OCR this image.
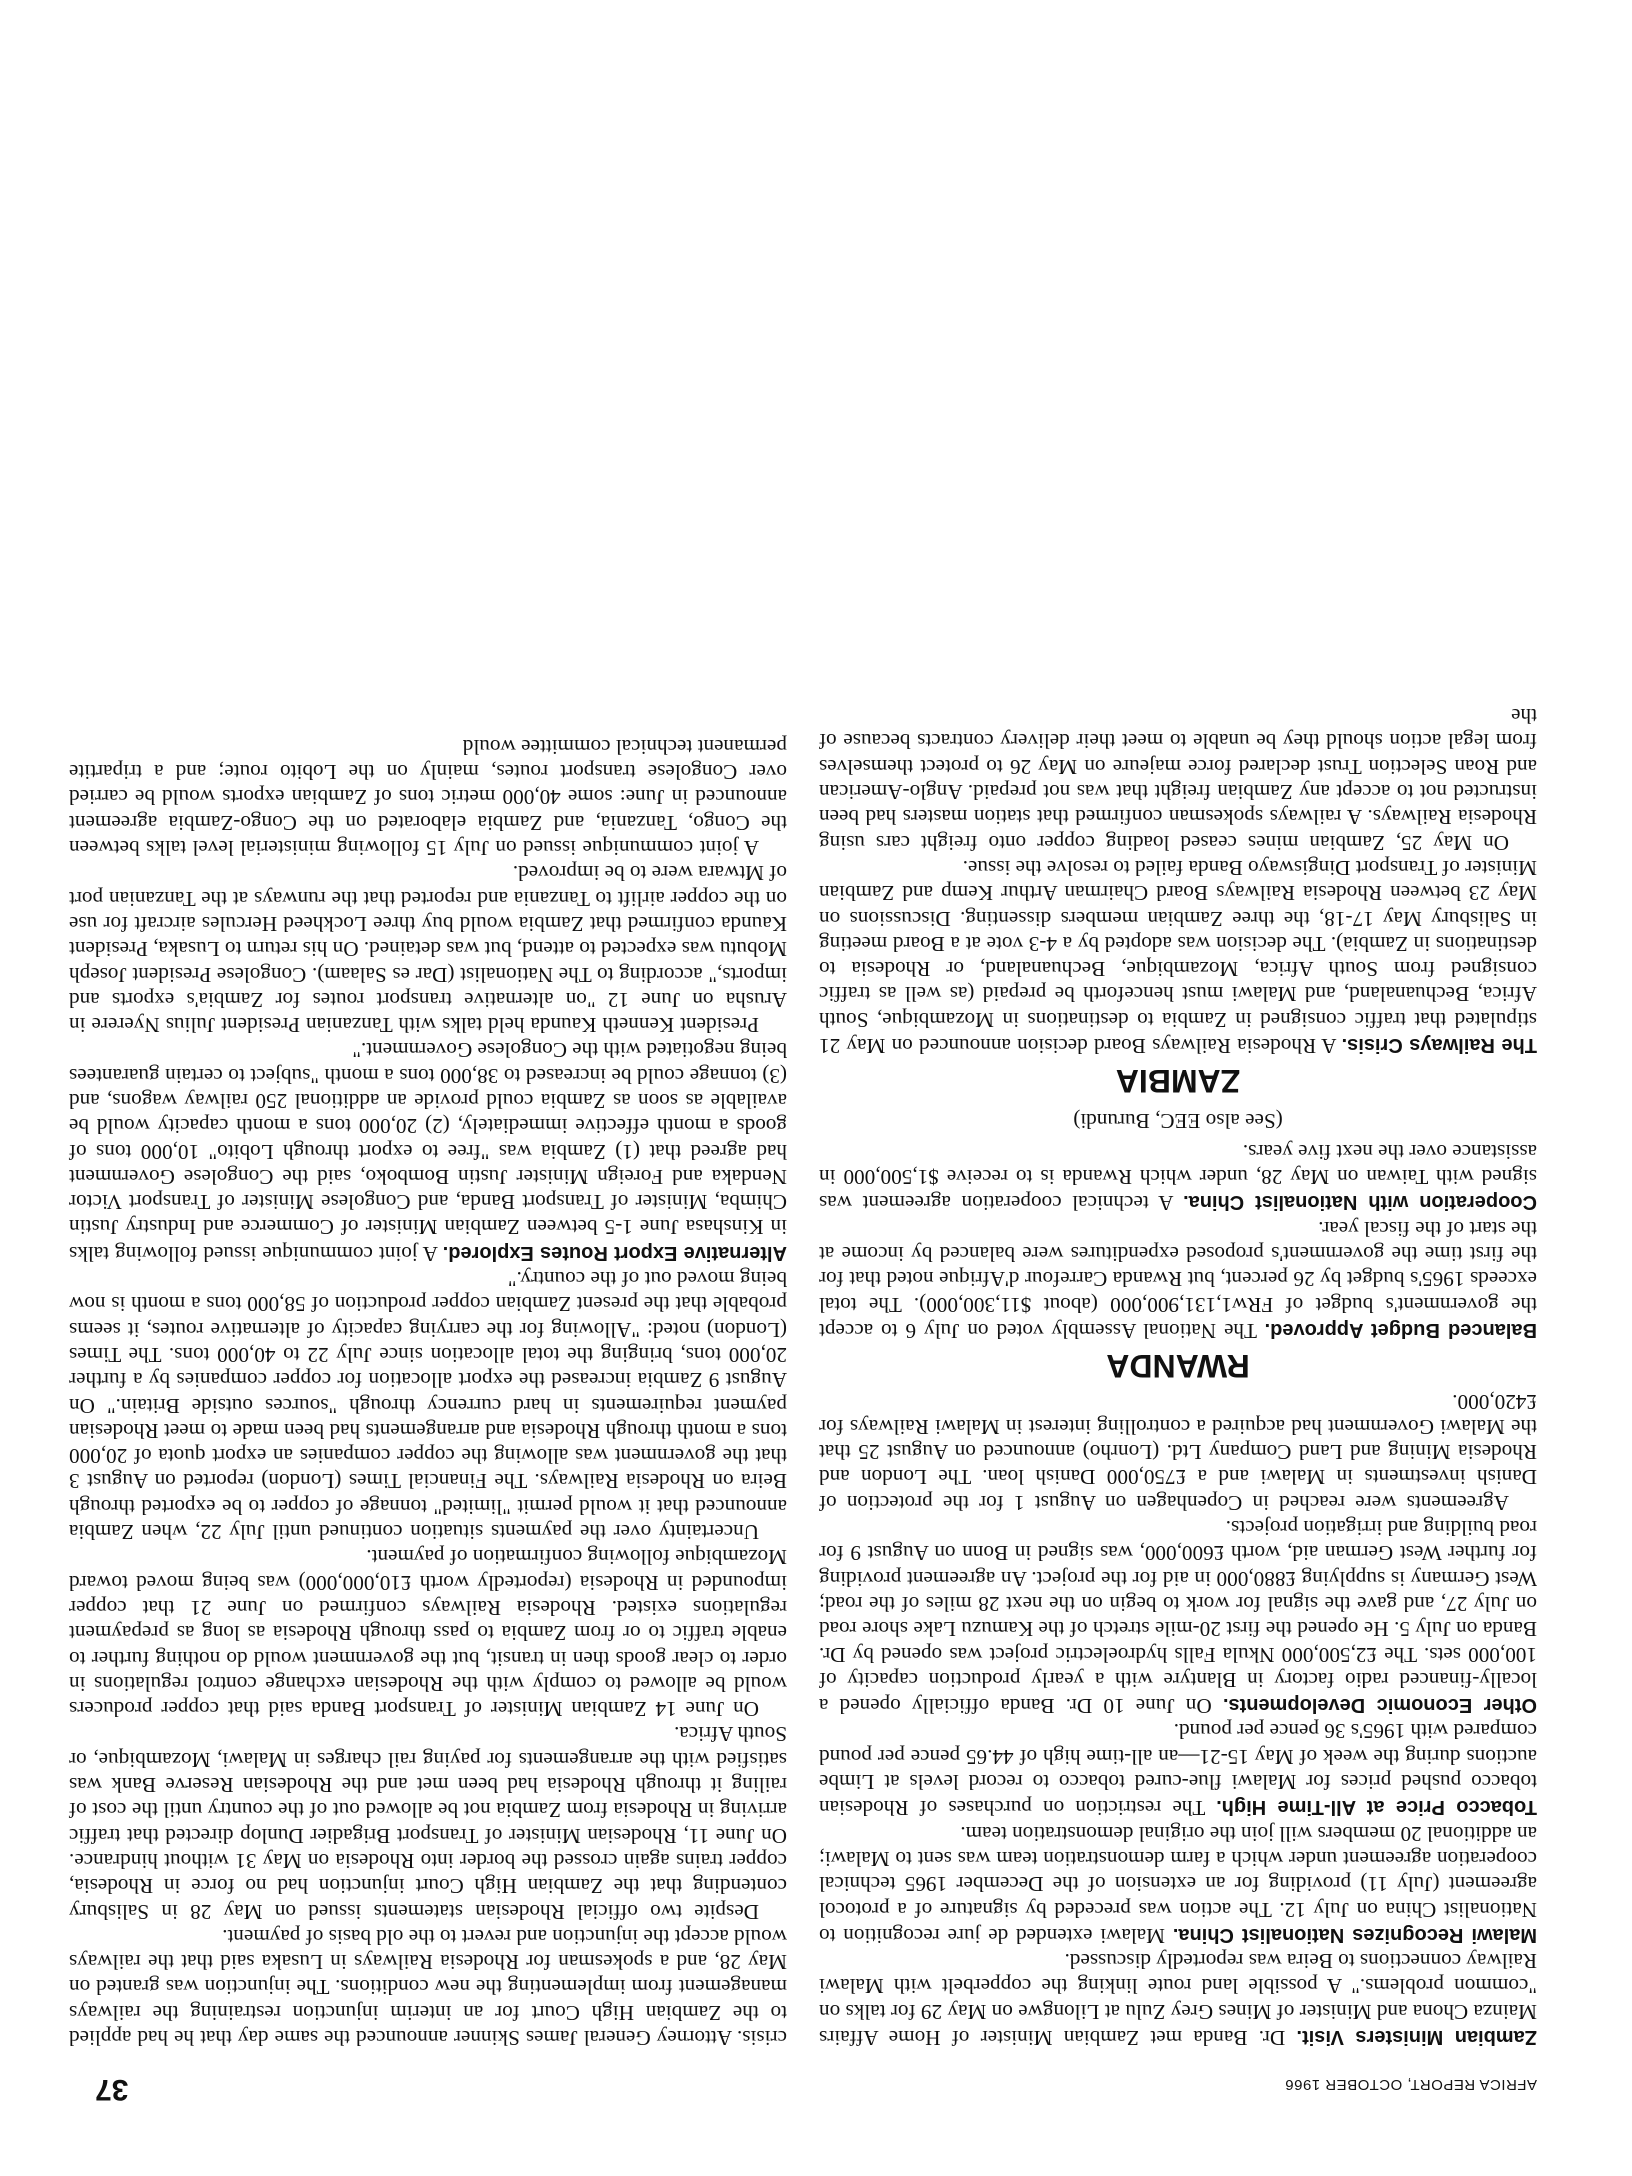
AFRICA REPORT, OCTOBER 1966
37

Zambian Ministers Visit. Dr. Banda met Zambian Minister of Home Affairs Mainza Chona and Minister of Mines Grey Zulu at Lilongwe on May 29 for talks on "common problems." A possible land route linking the copperbelt with Malawi Railway connections to Beira was reportedly discussed.

Malawi Recognizes Nationalist China. Malawi extended de jure recognition to Nationalist China on July 12. The action was preceded by signature of a protocol agreement (July 11) providing for an extension of the December 1965 technical cooperation agreement under which a farm demonstration team was sent to Malawi; an additional 20 members will join the original demonstration team.

Tobacco Price at All-Time High. The restriction on purchases of Rhodesian tobacco pushed prices for Malawi flue-cured tobacco to record levels at Limbe auctions during the week of May 15-21—an all-time high of 44.65 pence per pound compared with 1965's 36 pence per pound.

Other Economic Developments. On June 10 Dr. Banda officially opened a locally-financed radio factory in Blantyre with a yearly production capacity of 100,000 sets. The £2,500,000 Nkula Falls hydroelectric project was opened by Dr. Banda on July 5. He opened the first 20-mile stretch of the Kamuzu Lake shore road on July 27, and gave the signal for work to begin on the next 28 miles of the road; West Germany is supplying £880,000 in aid for the project. An agreement providing for further West German aid, worth £600,000, was signed in Bonn on August 9 for road building and irrigation projects.

Agreements were reached in Copenhagen on August 1 for the protection of Danish investments in Malawi and a £750,000 Danish loan. The London and Rhodesia Mining and Land Company Ltd. (Lonrho) announced on August 25 that the Malawi Government had acquired a controlling interest in Malawi Railways for £420,000.

RWANDA

Balanced Budget Approved. The National Assembly voted on July 6 to accept the government's budget of FRw1,131,900,000 (about $11,300,000). The total exceeds 1965's budget by 26 percent, but Rwanda Carrefour d'Afrique noted that for the first time the government's proposed expenditures were balanced by income at the start of the fiscal year.

Cooperation with Nationalist China. A technical cooperation agreement was signed with Taiwan on May 28, under which Rwanda is to receive $1,500,000 in assistance over the next five years.

(See also EEC, Burundi)
ZAMBIA

The Railways Crisis. A Rhodesia Railways Board decision announced on May 21 stipulated that traffic consigned in Zambia to destinations in Mozambique, South Africa, Bechuanaland, and Malawi must henceforth be prepaid (as well as traffic consigned from South Africa, Mozambique, Bechuanaland, or Rhodesia to destinations in Zambia). The decision was adopted by a 4-3 vote at a Board meeting in Salisbury May 17-18, the three Zambian members dissenting. Discussions on May 23 between Rhodesia Railways Board Chairman Arthur Kemp and Zambian Minister of Transport Dingiswayo Banda failed to resolve the issue.

On May 25, Zambian mines ceased loading copper onto freight cars using Rhodesia Railways. A railways spokesman confirmed that station masters had been instructed not to accept any Zambian freight that was not prepaid. Anglo-American and Roan Selection Trust declared force majeure on May 26 to protect themselves from legal action should they be unable to meet their delivery contracts because of the

crisis. Attorney General James Skinner announced the same day that he had applied to the Zambian High Court for an interim injunction restraining the railways management from implementing the new conditions. The injunction was granted on May 28, and a spokesman for Rhodesia Railways in Lusaka said that the railways would accept the injunction and revert to the old basis of payment.

Despite two official Rhodesian statements issued on May 28 in Salisbury contending that the Zambian High Court injunction had no force in Rhodesia, copper trains again crossed the border into Rhodesia on May 31 without hindrance. On June 11, Rhodesian Minister of Transport Brigadier Dunlop directed that traffic arriving in Rhodesia from Zambia not be allowed out of the country until the cost of railing it through Rhodesia had been met and the Rhodesian Reserve Bank was satisfied with the arrangements for paying rail charges in Malawi, Mozambique, or South Africa.

On June 14 Zambian Minister of Transport Banda said that copper producers would be allowed to comply with the Rhodesian exchange control regulations in order to clear goods then in transit, but the government would do nothing further to enable traffic to or from Zambia to pass through Rhodesia as long as prepayment regulations existed. Rhodesia Railways confirmed on June 21 that copper impounded in Rhodesia (reportedly worth £10,000,000) was being moved toward Mozambique following confirmation of payment.

Uncertainty over the payments situation continued until July 22, when Zambia announced that it would permit "limited" tonnage of copper to be exported through Beira on Rhodesia Railways. The Financial Times (London) reported on August 3 that the government was allowing the copper companies an export quota of 20,000 tons a month through Rhodesia and arrangements had been made to meet Rhodesian payment requirements in hard currency through "sources outside Britain." On August 9 Zambia increased the export allocation for copper companies by a further 20,000 tons, bringing the total allocation since July 22 to 40,000 tons. The Times (London) noted: "Allowing for the carrying capacity of alternative routes, it seems probable that the present Zambian copper production of 58,000 tons a month is now being moved out of the country."

Alternative Export Routes Explored. A joint communique issued following talks in Kinshasa June 1-5 between Zambian Minister of Commerce and Industry Justin Chimba, Minister of Transport Banda, and Congolese Minister of Transport Victor Nendaka and Foreign Minister Justin Bomboko, said the Congolese Government had agreed that (1) Zambia was "free to export through Lobito" 10,000 tons of goods a month effective immediately, (2) 20,000 tons a month capacity would be available as soon as Zambia could provide an additional 250 railway wagons, and (3) tonnage could be increased to 38,000 tons a month "subject to certain guarantees being negotiated with the Congolese Government."

President Kenneth Kaunda held talks with Tanzanian President Julius Nyerere in Arusha on June 12 "on alternative transport routes for Zambia's exports and imports," according to The Nationalist (Dar es Salaam). Congolese President Joseph Mobutu was expected to attend, but was detained. On his return to Lusaka, President Kaunda confirmed that Zambia would buy three Lockheed Hercules aircraft for use on the copper airlift to Tanzania and reported that the runways at the Tanzanian port of Mtwara were to be improved.

A joint communique issued on July 15 following ministerial level talks between the Congo, Tanzania, and Zambia elaborated on the Congo-Zambia agreement announced in June: some 40,000 metric tons of Zambian exports would be carried over Congolese transport routes, mainly on the Lobito route; and a tripartite permanent technical committee would
